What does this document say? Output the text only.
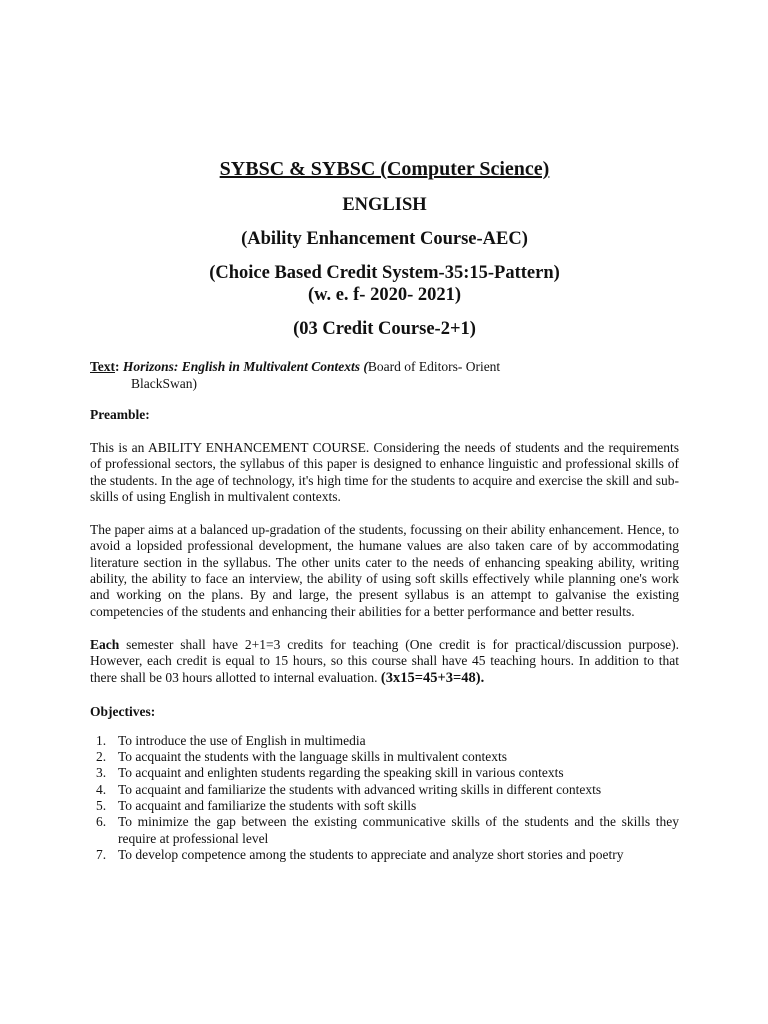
SYBSC & SYBSC (Computer Science)
ENGLISH
(Ability Enhancement Course-AEC)
(Choice Based Credit System-35:15-Pattern)
(w. e. f- 2020- 2021)
(03 Credit Course-2+1)
Text: Horizons: English in Multivalent Contexts (Board of Editors- Orient
BlackSwan)
Preamble:

This is an ABILITY ENHANCEMENT COURSE. Considering the needs of students and the requirements of professional sectors, the syllabus of this paper is designed to enhance linguistic and professional skills of the students. In the age of technology, it's high time for the students to acquire and exercise the skill and sub-skills of using English in multivalent contexts.

The paper aims at a balanced up-gradation of the students, focussing on their ability enhancement. Hence, to avoid a lopsided professional development, the humane values are also taken care of by accommodating literature section in the syllabus. The other units cater to the needs of enhancing speaking ability, writing ability, the ability to face an interview, the ability of using soft skills effectively while planning one's work and working on the plans. By and large, the present syllabus is an attempt to galvanise the existing competencies of the students and enhancing their abilities for a better performance and better results.

Each semester shall have 2+1=3 credits for teaching (One credit is for practical/discussion purpose). However, each credit is equal to 15 hours, so this course shall have 45 teaching hours. In addition to that there shall be 03 hours allotted to internal evaluation. (3x15=45+3=48).

Objectives:
1. To introduce the use of English in multimedia
2. To acquaint the students with the language skills in multivalent contexts
3. To acquaint and enlighten students regarding the speaking skill in various contexts
4. To acquaint and familiarize the students with advanced writing skills in different contexts
5. To acquaint and familiarize the students with soft skills
6. To minimize the gap between the existing communicative skills of the students and the skills they require at professional level
7. To develop competence among the students to appreciate and analyze short stories and poetry
